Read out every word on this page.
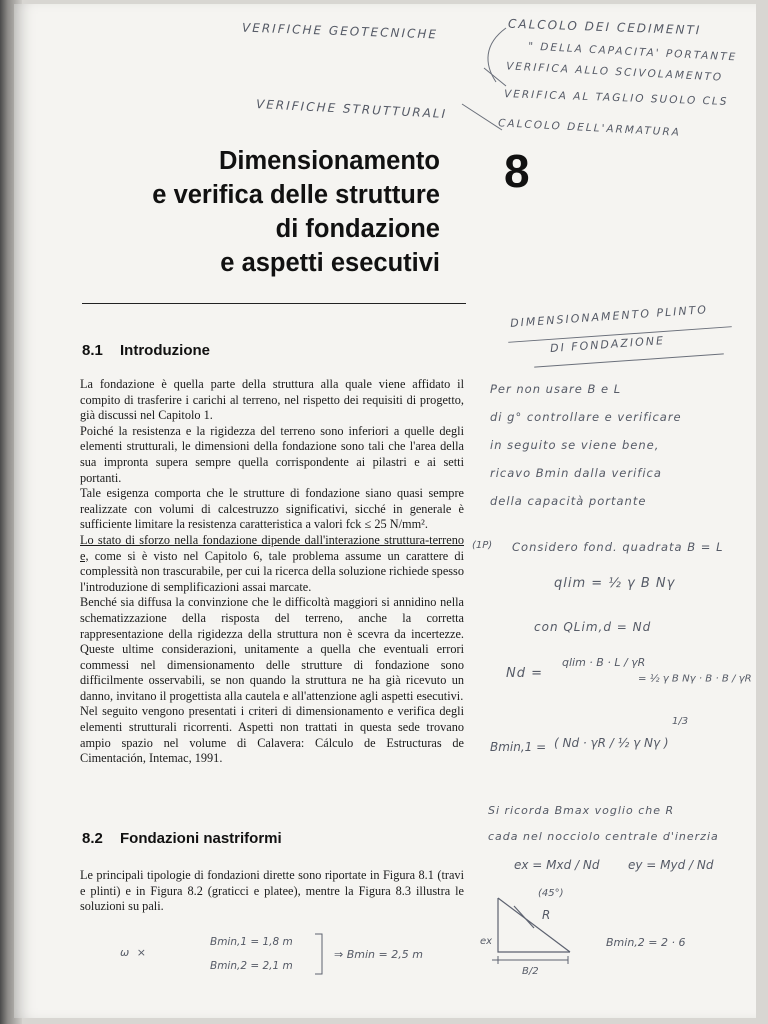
VERIFICHE GEOTECNICHE
VERIFICHE STRUTTURALI
CALCOLO DEI CEDIMENTI
" DELLA CAPACITA' PORTANTE
VERIFICA ALLO SCIVOLAMENTO
VERIFICA AL TAGLIO SUOLO CLS
CALCOLO DELL'ARMATURA
Dimensionamento
e verifica delle strutture
di fondazione
e aspetti esecutivi
8
8.1 Introduzione

La fondazione è quella parte della struttura alla quale viene affidato il compito di trasferire i carichi al terreno, nel rispetto dei requisiti di progetto, già discussi nel Capitolo 1.

Poiché la resistenza e la rigidezza del terreno sono inferiori a quelle degli elementi strutturali, le dimensioni della fondazione sono tali che l'area della sua impronta supera sempre quella corrispondente ai pilastri e ai setti portanti.

Tale esigenza comporta che le strutture di fondazione siano quasi sempre realizzate con volumi di calcestruzzo significativi, sicché in generale è sufficiente limitare la resistenza caratteristica a valori fck ≤ 25 N/mm².

Lo stato di sforzo nella fondazione dipende dall'interazione struttura-terreno e, come si è visto nel Capitolo 6, tale problema assume un carattere di complessità non trascurabile, per cui la ricerca della soluzione richiede spesso l'introduzione di semplificazioni assai marcate.

Benché sia diffusa la convinzione che le difficoltà maggiori si annidino nella schematizzazione della risposta del terreno, anche la corretta rappresentazione della rigidezza della struttura non è scevra da incertezze. Queste ultime considerazioni, unitamente a quella che eventuali errori commessi nel dimensionamento delle strutture di fondazione sono difficilmente osservabili, se non quando la struttura ne ha già ricevuto un danno, invitano il progettista alla cautela e all'attenzione agli aspetti esecutivi.

Nel seguito vengono presentati i criteri di dimensionamento e verifica degli elementi strutturali ricorrenti. Aspetti non trattati in questa sede trovano ampio spazio nel volume di Calavera: Cálculo de Estructuras de Cimentación, Intemac, 1991.

8.2 Fondazioni nastriformi

Le principali tipologie di fondazioni dirette sono riportate in Figura 8.1 (travi e plinti) e in Figura 8.2 (graticci e platee), mentre la Figura 8.3 illustra le soluzioni su pali.

DIMENSIONAMENTO PLINTO
DI FONDAZIONE
Per non usare B e L
di g° controllare e verificare
in seguito se viene bene,
ricavo Bmin dalla verifica
della capacità portante
(1P) Considero fond. quadrata B = L
qlim = ½ γ B Nγ
con QLim,d = Nd
Nd =
qlim · B · L / γR
= ½ γ B Nγ · B · B / γR
Bmin,1 = ( Nd · γR / ½ γ Nγ )
1/3
Si ricorda Bmax voglio che R
cada nel nocciolo centrale d'inerzia
ex = Mxd / Nd ey = Myd / Nd
(45°)
R
ex
B/2
ω ×
Bmin,1 = 1,8 m
Bmin,2 = 2,1 m
⇒ Bmin = 2,5 m
Bmin,2 = 2 · 6
